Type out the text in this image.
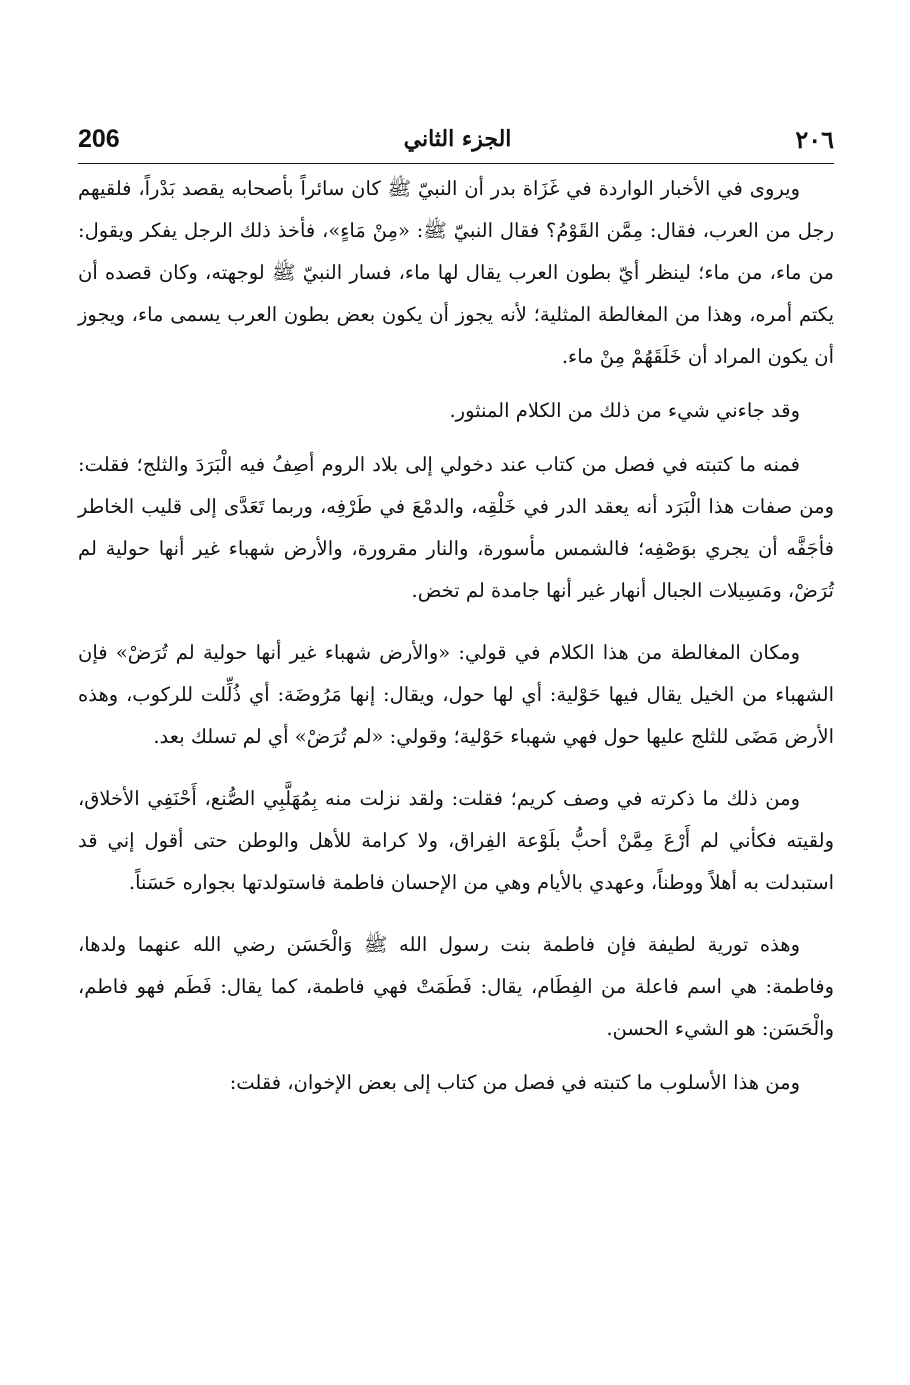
206	الجزء الثاني	٢٠٦

ويروى في الأخبار الواردة في غَزَاة بدر أن النبيّ ﷺ كان سائراً بأصحابه يقصد بَدْراً، فلقيهم رجل من العرب، فقال: مِمَّن القَوْمُ؟ فقال النبيّ ﷺ: «مِنْ مَاءٍ»، فأخذ ذلك الرجل يفكر ويقول: من ماء، من ماء؛ لينظر أيّ بطون العرب يقال لها ماء، فسار النبيّ ﷺ لوجهته، وكان قصده أن يكتم أمره، وهذا من المغالطة المثلية؛ لأنه يجوز أن يكون بعض بطون العرب يسمى ماء، ويجوز أن يكون المراد أن خَلَقَهُمْ مِنْ ماء.

وقد جاءني شيء من ذلك من الكلام المنثور.

فمنه ما كتبته في فصل من كتاب عند دخولي إلى بلاد الروم أصِفُ فيه الْبَرَدَ والثلج؛ فقلت: ومن صفات هذا الْبَرَد أنه يعقد الدر في خَلْقِه، والدمْعَ في طَرْفِه، وربما تَعَدَّى إلى قليب الخاطر فأجَفَّه أن يجري بوَصْفِه؛ فالشمس مأسورة، والنار مقرورة، والأرض شهباء غير أنها حولية لم تُرَضْ، ومَسِيلات الجبال أنهار غير أنها جامدة لم تخض.

ومكان المغالطة من هذا الكلام في قولي: «والأرض شهباء غير أنها حولية لم تُرَضْ» فإن الشهباء من الخيل يقال فيها حَوْلية: أي لها حول، ويقال: إنها مَرُوضَة: أي ذُلِّلت للركوب، وهذه الأرض مَضَى للثلج عليها حول فهي شهباء حَوْلية؛ وقولي: «لم تُرَضْ» أي لم تسلك بعد.

ومن ذلك ما ذكرته في وصف كريم؛ فقلت: ولقد نزلت منه بِمُهَلَّبِي الصُّنع، أَحْنَفِي الأخلاق، ولقيته فكأني لم أَرْعَ مِمَّنْ أحبُّ بلَوْعة الفِراق، ولا كرامة للأهل والوطن حتى أقول إني قد استبدلت به أهلاً ووطناً، وعهدي بالأيام وهي من الإحسان فاطمة فاستولدتها بجواره حَسَناً.

وهذه تورية لطيفة فإن فاطمة بنت رسول الله ﷺ وَالْحَسَن رضي الله عنهما ولدها، وفاطمة: هي اسم فاعلة من الفِطَام، يقال: فَطَمَتْ فهي فاطمة، كما يقال: فَطَم فهو فاطم، والْحَسَن: هو الشيء الحسن.

ومن هذا الأسلوب ما كتبته في فصل من كتاب إلى بعض الإخوان، فقلت:
